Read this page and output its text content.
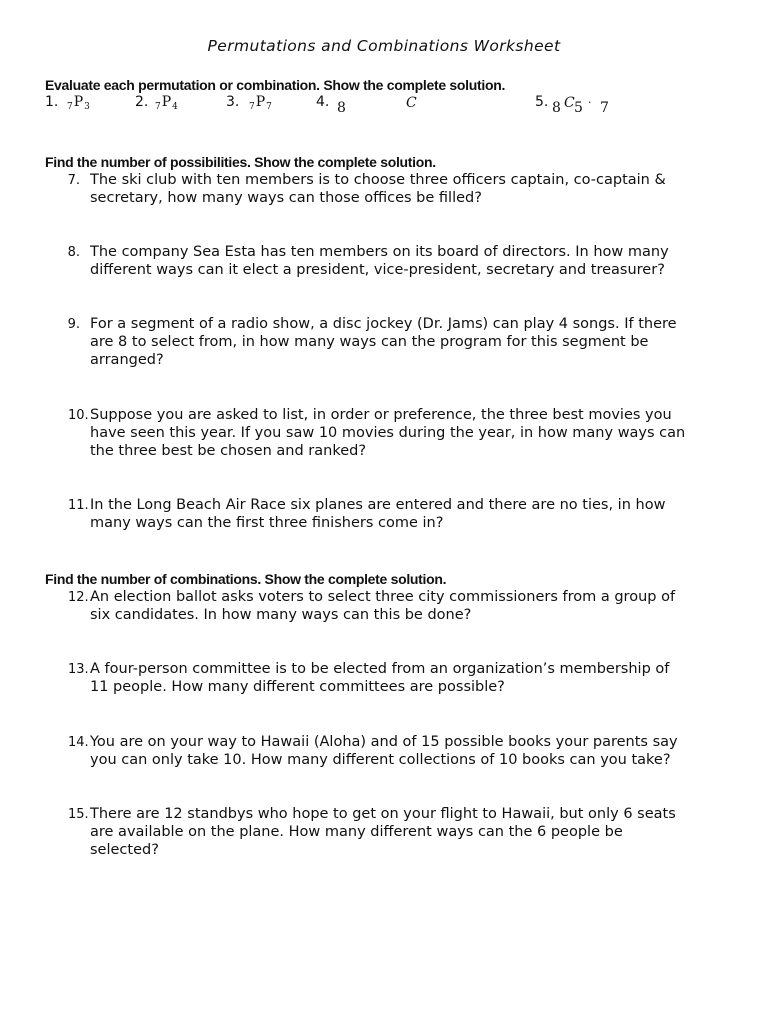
Permutations and Combinations Worksheet
Evaluate each permutation or combination. Show the complete solution.
1. $_7P_3$	2. $_7P_4$	3. $_7P_7$	4. 8	C	5. 8 C 5 · 7
Find the number of possibilities. Show the complete solution.
7. The ski club with ten members is to choose three officers captain, co-captain &
secretary, how many ways can those offices be filled?
8. The company Sea Esta has ten members on its board of directors. In how many
different ways can it elect a president, vice-president, secretary and treasurer?
9. For a segment of a radio show, a disc jockey (Dr. Jams) can play 4 songs. If there
are 8 to select from, in how many ways can the program for this segment be
arranged?
10. Suppose you are asked to list, in order or preference, the three best movies you
have seen this year. If you saw 10 movies during the year, in how many ways can
the three best be chosen and ranked?
11. In the Long Beach Air Race six planes are entered and there are no ties, in how
many ways can the first three finishers come in?
Find the number of combinations. Show the complete solution.
12. An election ballot asks voters to select three city commissioners from a group of
six candidates. In how many ways can this be done?
13. A four-person committee is to be elected from an organization’s membership of
11 people. How many different committees are possible?
14. You are on your way to Hawaii (Aloha) and of 15 possible books your parents say
you can only take 10. How many different collections of 10 books can you take?
15. There are 12 standbys who hope to get on your flight to Hawaii, but only 6 seats
are available on the plane. How many different ways can the 6 people be
selected?
